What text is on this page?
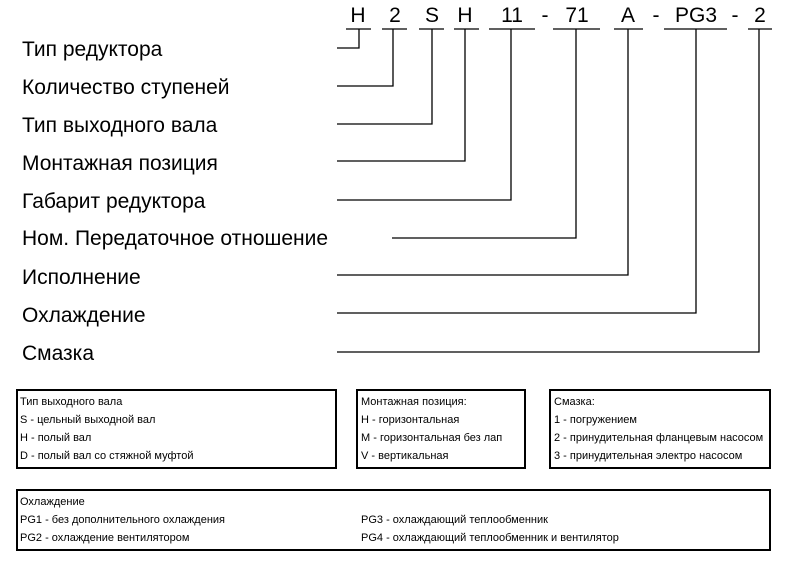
H 2 S H 11 - 71 A - PG3 - 2
Тип редуктора
Количество ступеней
Тип выходного вала
Монтажная позиция
Габарит редуктора
Ном. Передаточное отношение
Исполнение
Охлаждение
Смазка
Тип выходного вала
S - цельный выходной вал
H - полый вал
D - полый вал со стяжной муфтой
Монтажная позиция:
H - горизонтальная
M - горизонтальная без лап
V - вертикальная
Смазка:
1 - погружением
2 - принудительная фланцевым насосом
3 - принудительная электро насосом
Охлаждение
PG1 - без дополнительного охлаждения
PG2 - охлаждение вентилятором
PG3 - охлаждающий теплообменник
PG4 - охлаждающий теплообменник и вентилятор
